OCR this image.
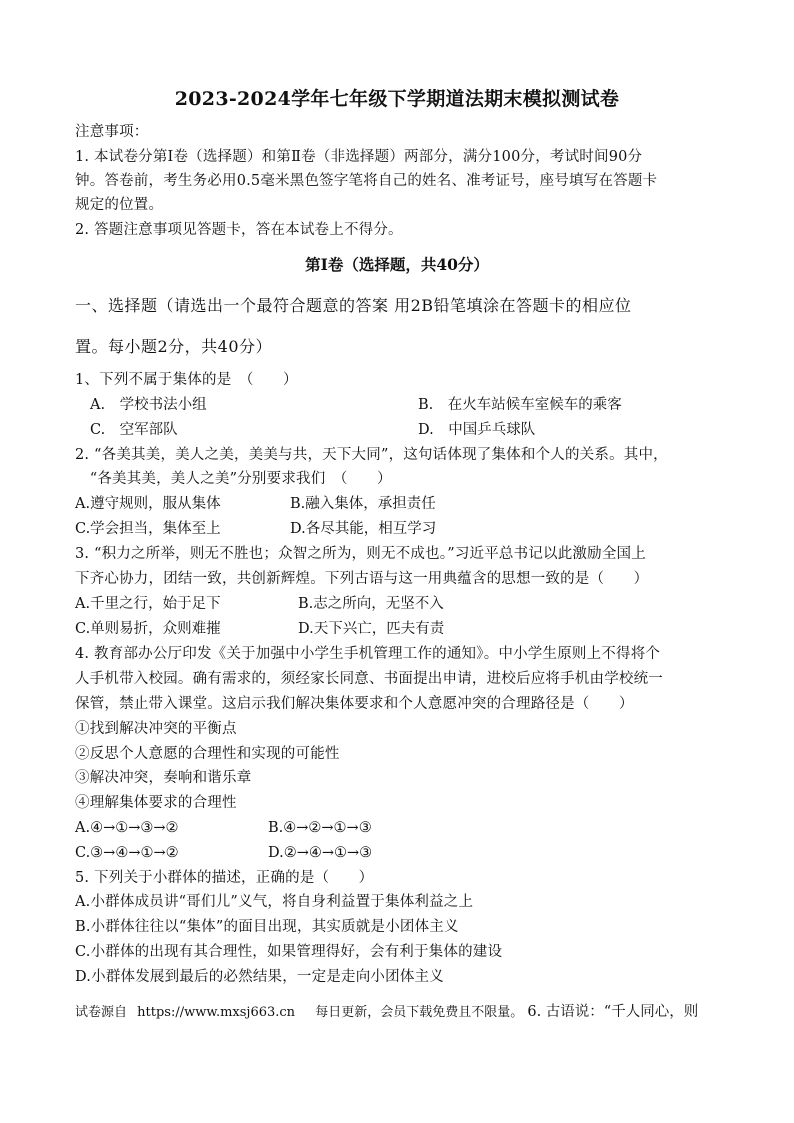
2023-2024学年七年级下学期道法期末模拟测试卷
注意事项：
1. 本试卷分第Ⅰ卷（选择题）和第Ⅱ卷（非选择题）两部分，满分100分，考试时间90分
钟。答卷前，考生务必用0.5毫米黑色签字笔将自己的姓名、准考证号，座号填写在答题卡
规定的位置。
2. 答题注意事项见答题卡，答在本试卷上不得分。
第Ⅰ卷（选择题，共40分）
一、选择题（请选出一个最符合题意的答案 用2B铅笔填涂在答题卡的相应位
置。每小题2分，共40分）
1、下列不属于集体的是　（　　）
A.　学校书法小组	B.　在火车站候车室候车的乘客
C.　空军部队	D.　中国乒乓球队
2. “各美其美，美人之美，美美与共，天下大同”，这句话体现了集体和个人的关系。其中，
　“各美其美，美人之美”分别要求我们　（　　）
A.遵守规则，服从集体	B.融入集体，承担责任
C.学会担当，集体至上	D.各尽其能，相互学习
3. “积力之所举，则无不胜也；众智之所为，则无不成也。”习近平总书记以此激励全国上
下齐心协力，团结一致，共创新辉煌。下列古语与这一用典蕴含的思想一致的是（　　）
A.千里之行，始于足下	B.志之所向，无坚不入
C.单则易折，众则难摧	D.天下兴亡，匹夫有责
4. 教育部办公厅印发《关于加强中小学生手机管理工作的通知》。中小学生原则上不得将个
人手机带入校园。确有需求的，须经家长同意、书面提出申请，进校后应将手机由学校统一
保管，禁止带入课堂。这启示我们解决集体要求和个人意愿冲突的合理路径是（　　）
①找到解决冲突的平衡点
②反思个人意愿的合理性和实现的可能性
③解决冲突，奏响和谐乐章
④理解集体要求的合理性
A.④→①→③→②	B.④→②→①→③
C.③→④→①→②	D.②→④→①→③
5. 下列关于小群体的描述，正确的是（　　）
A.小群体成员讲“哥们儿”义气，将自身利益置于集体利益之上
B.小群体往往以“集体”的面目出现，其实质就是小团体主义
C.小群体的出现有其合理性，如果管理得好，会有利于集体的建设
D.小群体发展到最后的必然结果，一定是走向小团体主义
试卷源自 https://www.mxsj663.cn 每日更新，会员下载免费且不限量。 6. 古语说：“千人同心，则
